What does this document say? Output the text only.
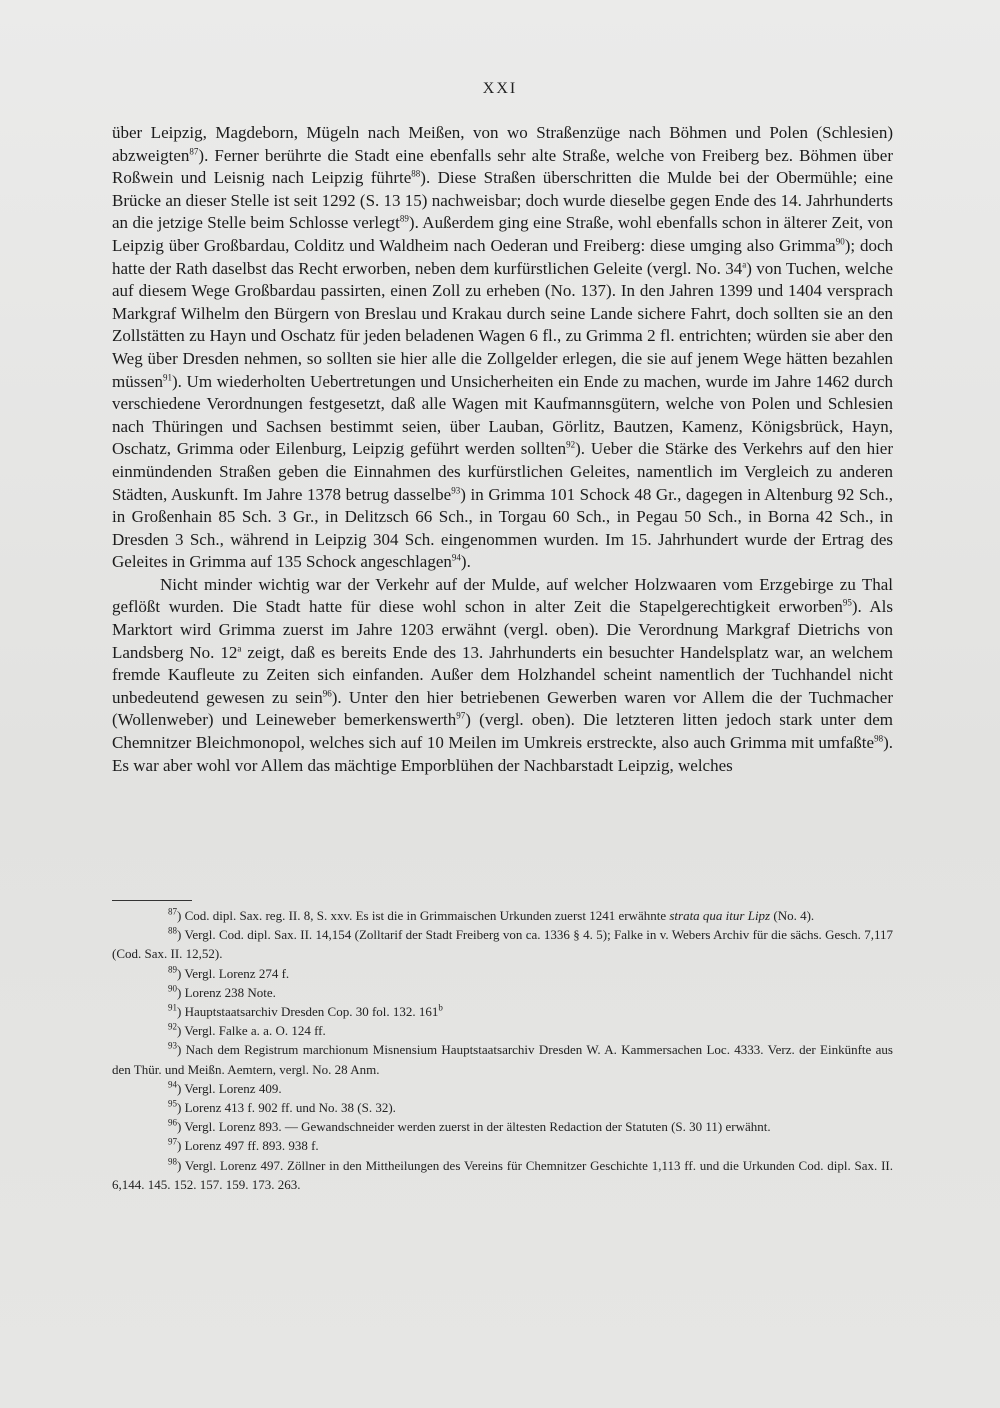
XXI

über Leipzig, Magdeborn, Mügeln nach Meißen, von wo Straßenzüge nach Böhmen und Polen (Schlesien) abzweigten$^{87}$). Ferner berührte die Stadt eine ebenfalls sehr alte Straße, welche von Freiberg bez. Böhmen über Roßwein und Leisnig nach Leipzig führte$^{88}$). Diese Straßen überschritten die Mulde bei der Obermühle; eine Brücke an dieser Stelle ist seit 1292 (S. 13 15) nachweisbar; doch wurde dieselbe gegen Ende des 14. Jahrhunderts an die jetzige Stelle beim Schlosse verlegt$^{89}$). Außerdem ging eine Straße, wohl ebenfalls schon in älterer Zeit, von Leipzig über Großbardau, Colditz und Waldheim nach Oederan und Freiberg: diese umging also Grimma$^{90}$); doch hatte der Rath daselbst das Recht erworben, neben dem kurfürstlichen Geleite (vergl. No. 34$^a$) von Tuchen, welche auf diesem Wege Großbardau passirten, einen Zoll zu erheben (No. 137). In den Jahren 1399 und 1404 versprach Markgraf Wilhelm den Bürgern von Breslau und Krakau durch seine Lande sichere Fahrt, doch sollten sie an den Zollstätten zu Hayn und Oschatz für jeden beladenen Wagen 6 fl., zu Grimma 2 fl. entrichten; würden sie aber den Weg über Dresden nehmen, so sollten sie hier alle die Zollgelder erlegen, die sie auf jenem Wege hätten bezahlen müssen$^{91}$). Um wiederholten Uebertretungen und Unsicherheiten ein Ende zu machen, wurde im Jahre 1462 durch verschiedene Verordnungen festgesetzt, daß alle Wagen mit Kaufmannsgütern, welche von Polen und Schlesien nach Thüringen und Sachsen bestimmt seien, über Lauban, Görlitz, Bautzen, Kamenz, Königsbrück, Hayn, Oschatz, Grimma oder Eilenburg, Leipzig geführt werden sollten$^{92}$). Ueber die Stärke des Verkehrs auf den hier einmündenden Straßen geben die Einnahmen des kurfürstlichen Geleites, namentlich im Vergleich zu anderen Städten, Auskunft. Im Jahre 1378 betrug dasselbe$^{93}$) in Grimma 101 Schock 48 Gr., dagegen in Altenburg 92 Sch., in Großenhain 85 Sch. 3 Gr., in Delitzsch 66 Sch., in Torgau 60 Sch., in Pegau 50 Sch., in Borna 42 Sch., in Dresden 3 Sch., während in Leipzig 304 Sch. eingenommen wurden. Im 15. Jahrhundert wurde der Ertrag des Geleites in Grimma auf 135 Schock angeschlagen$^{94}$).

Nicht minder wichtig war der Verkehr auf der Mulde, auf welcher Holzwaaren vom Erzgebirge zu Thal geflößt wurden. Die Stadt hatte für diese wohl schon in alter Zeit die Stapelgerechtigkeit erworben$^{95}$). Als Marktort wird Grimma zuerst im Jahre 1203 erwähnt (vergl. oben). Die Verordnung Markgraf Dietrichs von Landsberg No. 12$^a$ zeigt, daß es bereits Ende des 13. Jahrhunderts ein besuchter Handelsplatz war, an welchem fremde Kaufleute zu Zeiten sich einfanden. Außer dem Holzhandel scheint namentlich der Tuchhandel nicht unbedeutend gewesen zu sein$^{96}$). Unter den hier betriebenen Gewerben waren vor Allem die der Tuchmacher (Wollenweber) und Leineweber bemerkenswerth$^{97}$) (vergl. oben). Die letzteren litten jedoch stark unter dem Chemnitzer Bleichmonopol, welches sich auf 10 Meilen im Umkreis erstreckte, also auch Grimma mit umfaßte$^{98}$). Es war aber wohl vor Allem das mächtige Emporblühen der Nachbarstadt Leipzig, welches

$^{87}$) Cod. dipl. Sax. reg. II. 8, S. xxv. Es ist die in Grimmaischen Urkunden zuerst 1241 erwähnte strata qua itur Lipz (No. 4).

$^{88}$) Vergl. Cod. dipl. Sax. II. 14,154 (Zolltarif der Stadt Freiberg von ca. 1336 § 4. 5); Falke in v. Webers Archiv für die sächs. Gesch. 7,117 (Cod. Sax. II. 12,52).

$^{89}$) Vergl. Lorenz 274 f.

$^{90}$) Lorenz 238 Note.

$^{91}$) Hauptstaatsarchiv Dresden Cop. 30 fol. 132. 161$^b$

$^{92}$) Vergl. Falke a. a. O. 124 ff.

$^{93}$) Nach dem Registrum marchionum Misnensium Hauptstaatsarchiv Dresden W. A. Kammersachen Loc. 4333. Verz. der Einkünfte aus den Thür. und Meißn. Aemtern, vergl. No. 28 Anm.

$^{94}$) Vergl. Lorenz 409.

$^{95}$) Lorenz 413 f. 902 ff. und No. 38 (S. 32).

$^{96}$) Vergl. Lorenz 893. — Gewandschneider werden zuerst in der ältesten Redaction der Statuten (S. 30 11) erwähnt.

$^{97}$) Lorenz 497 ff. 893. 938 f.

$^{98}$) Vergl. Lorenz 497. Zöllner in den Mittheilungen des Vereins für Chemnitzer Geschichte 1,113 ff. und die Urkunden Cod. dipl. Sax. II. 6,144. 145. 152. 157. 159. 173. 263.
